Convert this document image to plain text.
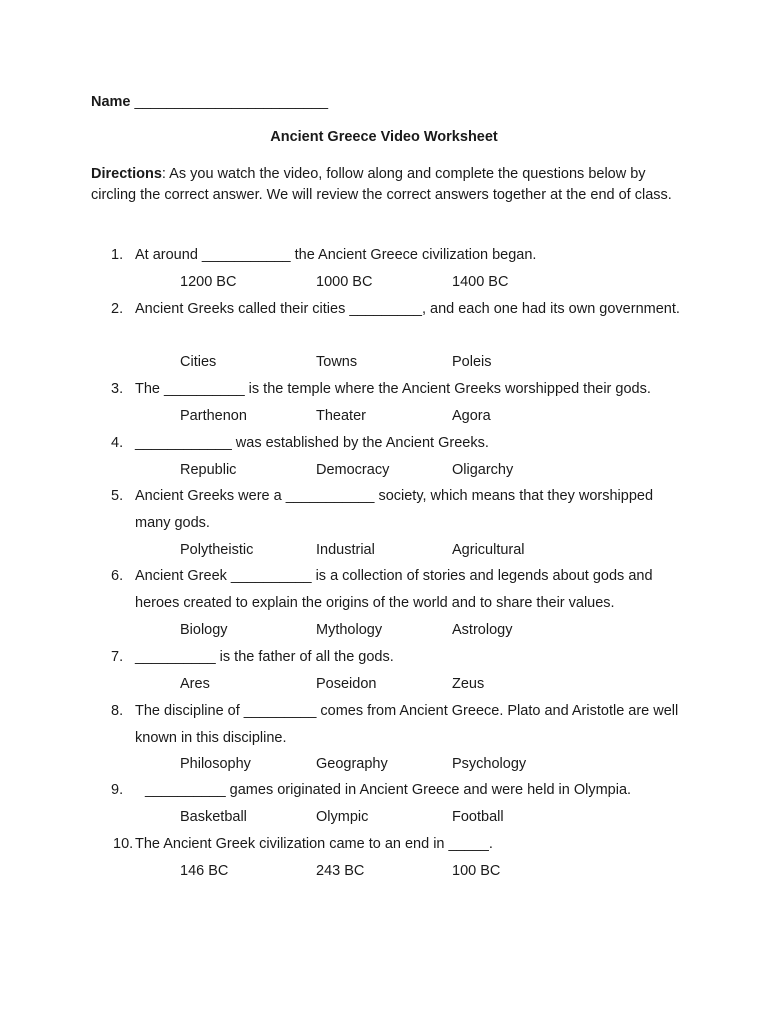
Name ________________________
Ancient Greece Video Worksheet
Directions: As you watch the video, follow along and complete the questions below by circling the correct answer. We will review the correct answers together at the end of class.
1. At around ___________ the Ancient Greece civilization began.
1200 BC	1000 BC	1400 BC
2. Ancient Greeks called their cities _________, and each one had its own government.
Cities	Towns	Poleis
3. The __________ is the temple where the Ancient Greeks worshipped their gods.
Parthenon	Theater	Agora
4. ____________ was established by the Ancient Greeks.
Republic	Democracy	Oligarchy
5. Ancient Greeks were a ___________ society, which means that they worshipped many gods.
Polytheistic	Industrial	Agricultural
6. Ancient Greek __________ is a collection of stories and legends about gods and heroes created to explain the origins of the world and to share their values.
Biology	Mythology	Astrology
7. __________ is the father of all the gods.
Ares	Poseidon	Zeus
8. The discipline of _________ comes from Ancient Greece. Plato and Aristotle are well known in this discipline.
Philosophy	Geography	Psychology
9. __________ games originated in Ancient Greece and were held in Olympia.
Basketball	Olympic	Football
10. The Ancient Greek civilization came to an end in _____.
146 BC	243 BC	100 BC
